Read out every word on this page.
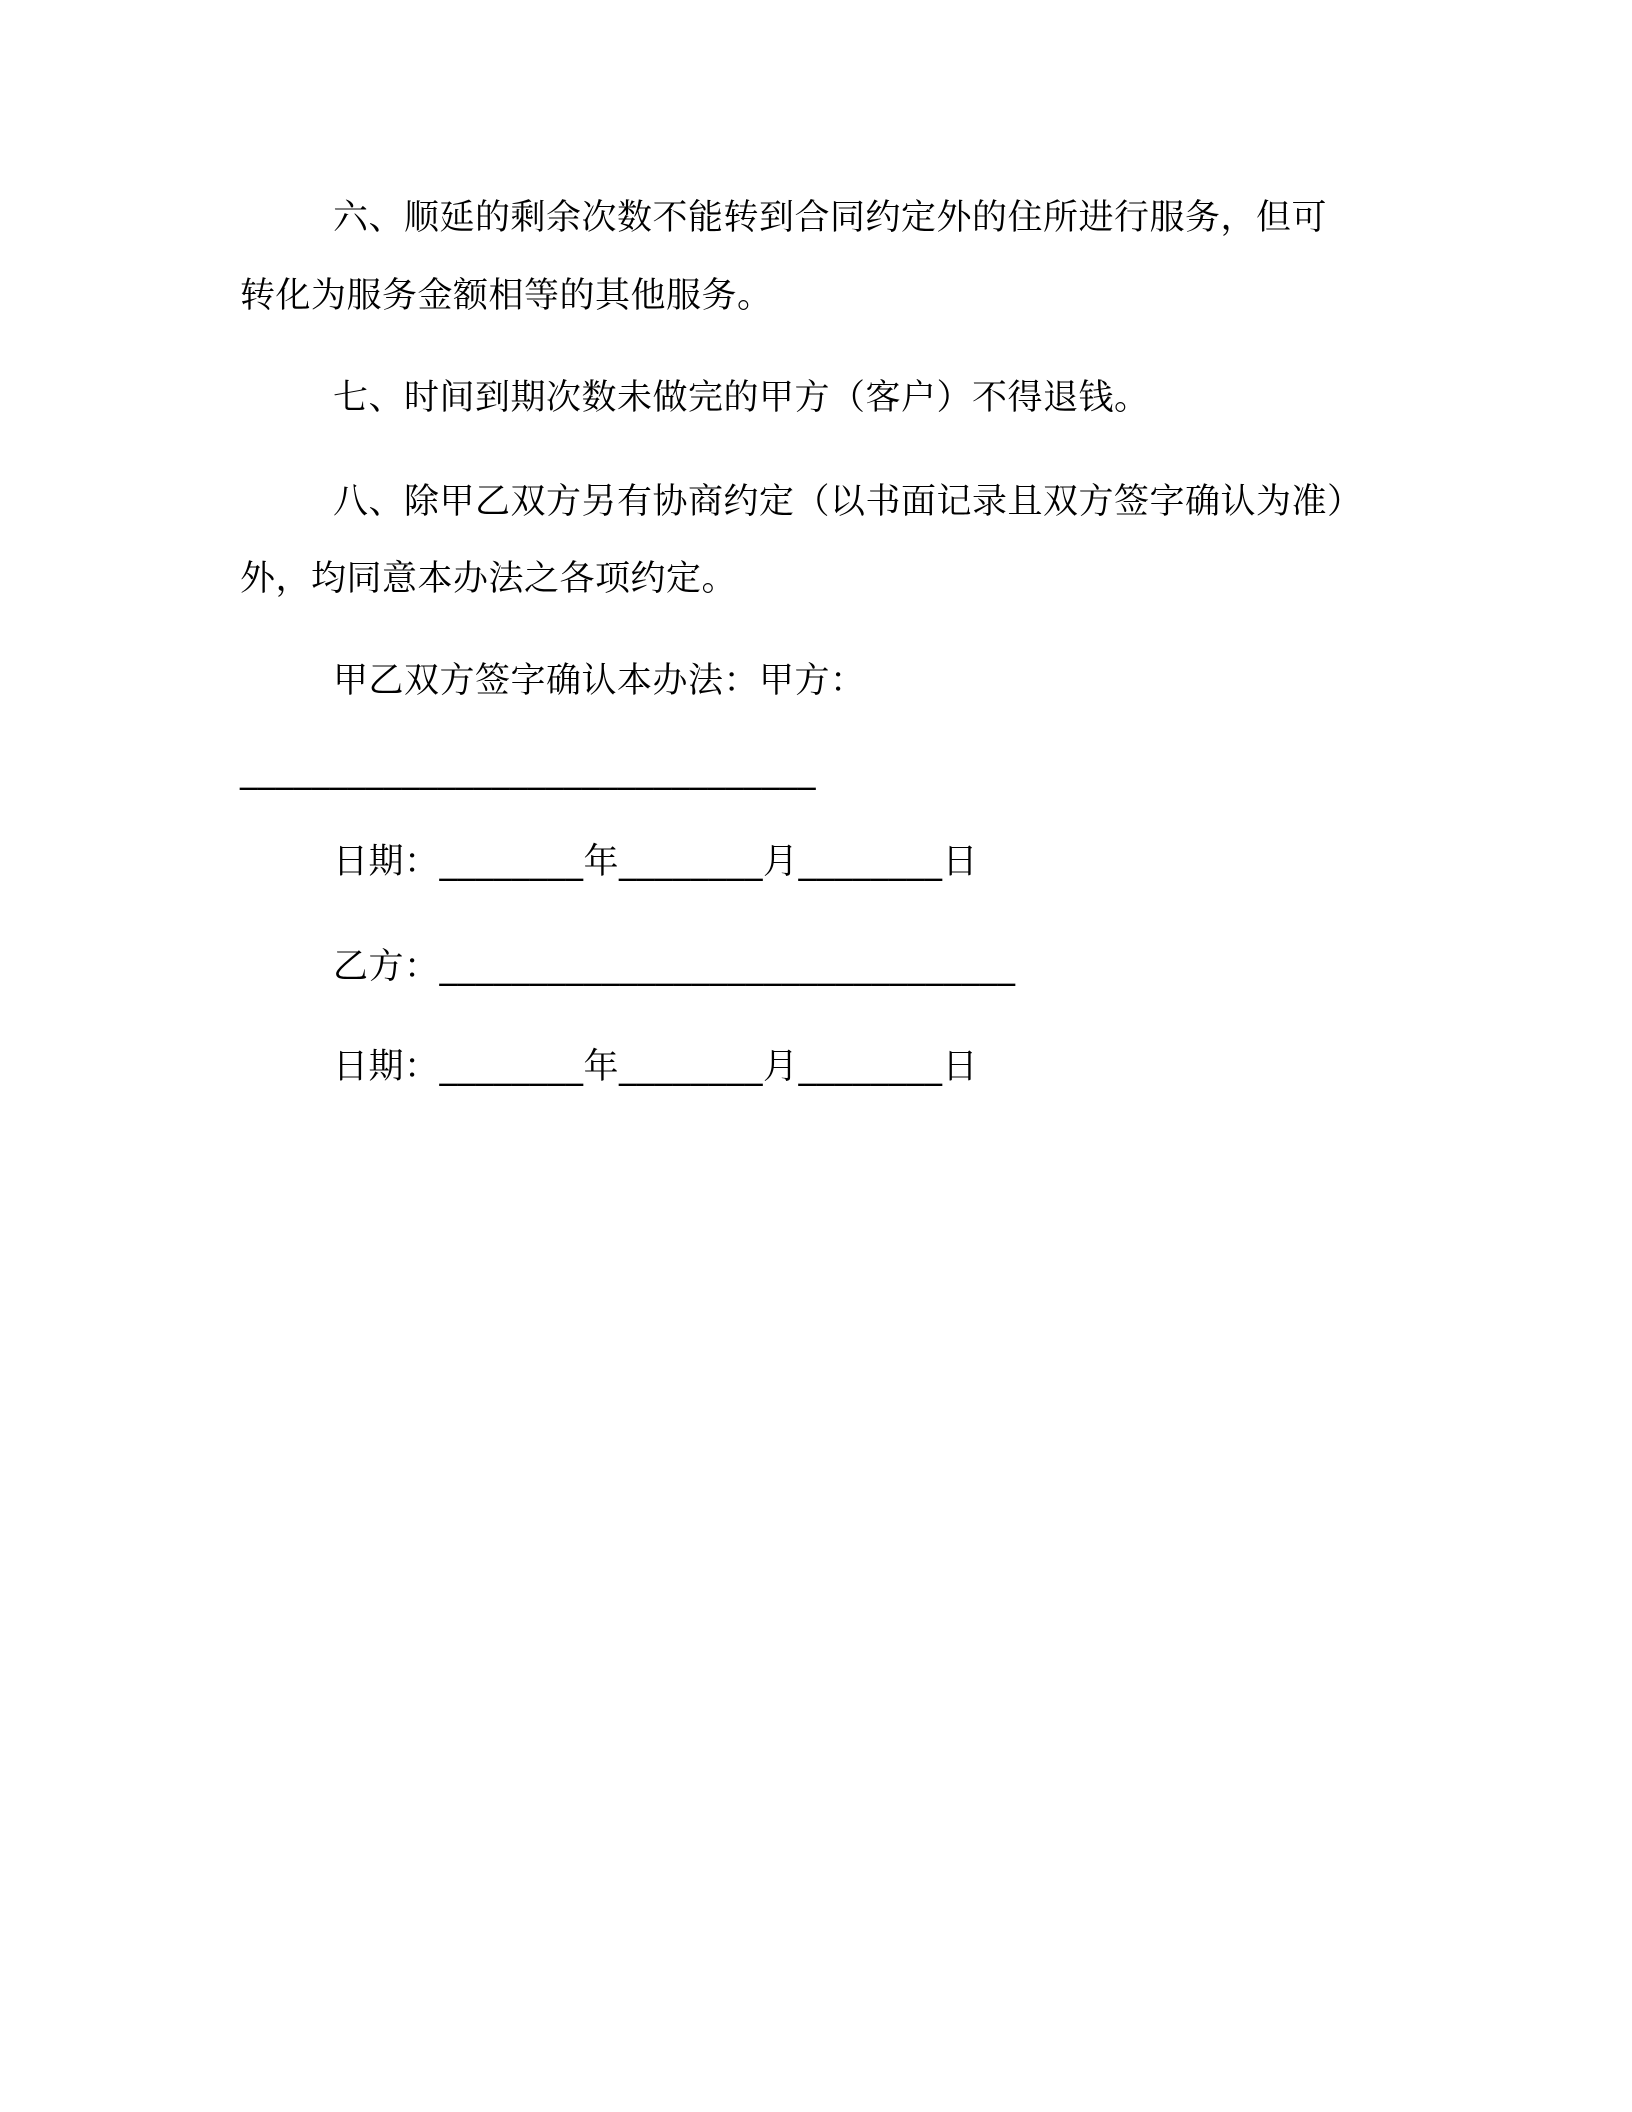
六、顺延的剩余次数不能转到合同约定外的住所进行服务，但可
转化为服务金额相等的其他服务。
七、时间到期次数未做完的甲方（客户）不得退钱。
八、除甲乙双方另有协商约定（以书面记录且双方签字确认为准）
外，均同意本办法之各项约定。
甲乙双方签字确认本办法：甲方：
________________________________
日期：________年________月________日
乙方：________________________________
日期：________年________月________日
